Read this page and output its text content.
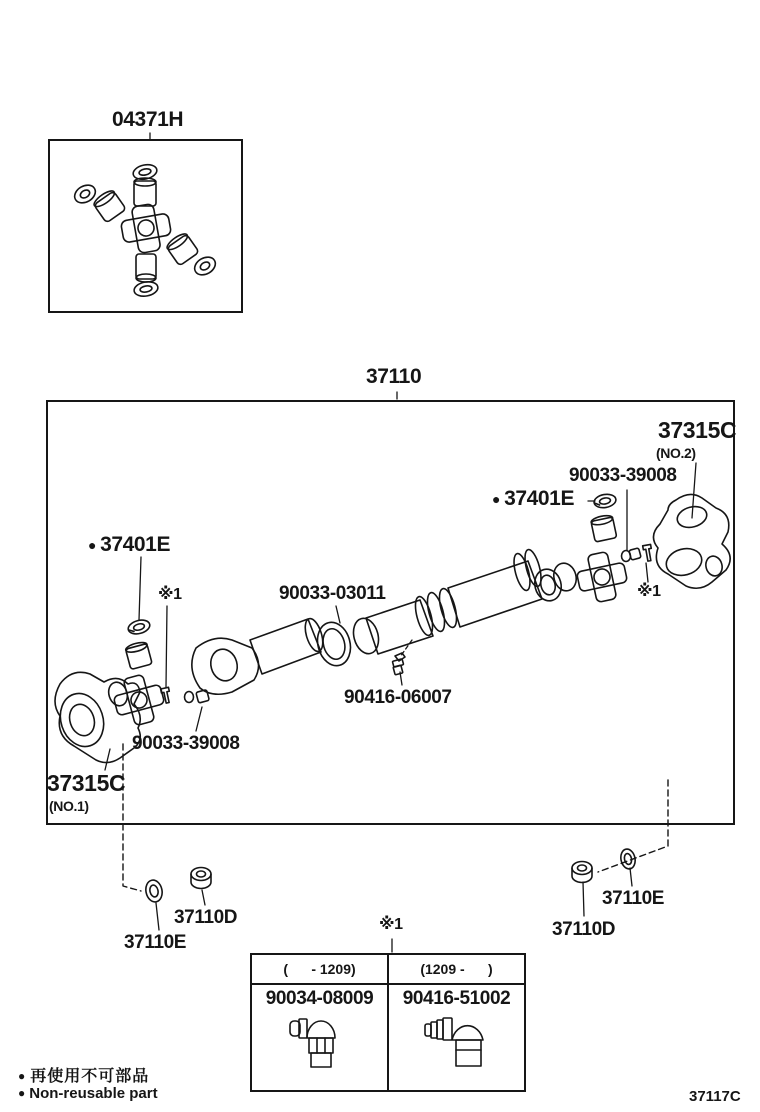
04371H
37110
37315C
(NO.2)
90033-39008
● 37401E
※1
● 37401E
※1	90033-03011
90416-06007
90033-39008
37315C
(NO.1)
37110D
37110E
37110E
37110D
※1
(      - 1209)
90034-08009
(1209 -      )
90416-51002
● 再使用不可部品
● Non-reusable part	37117C
